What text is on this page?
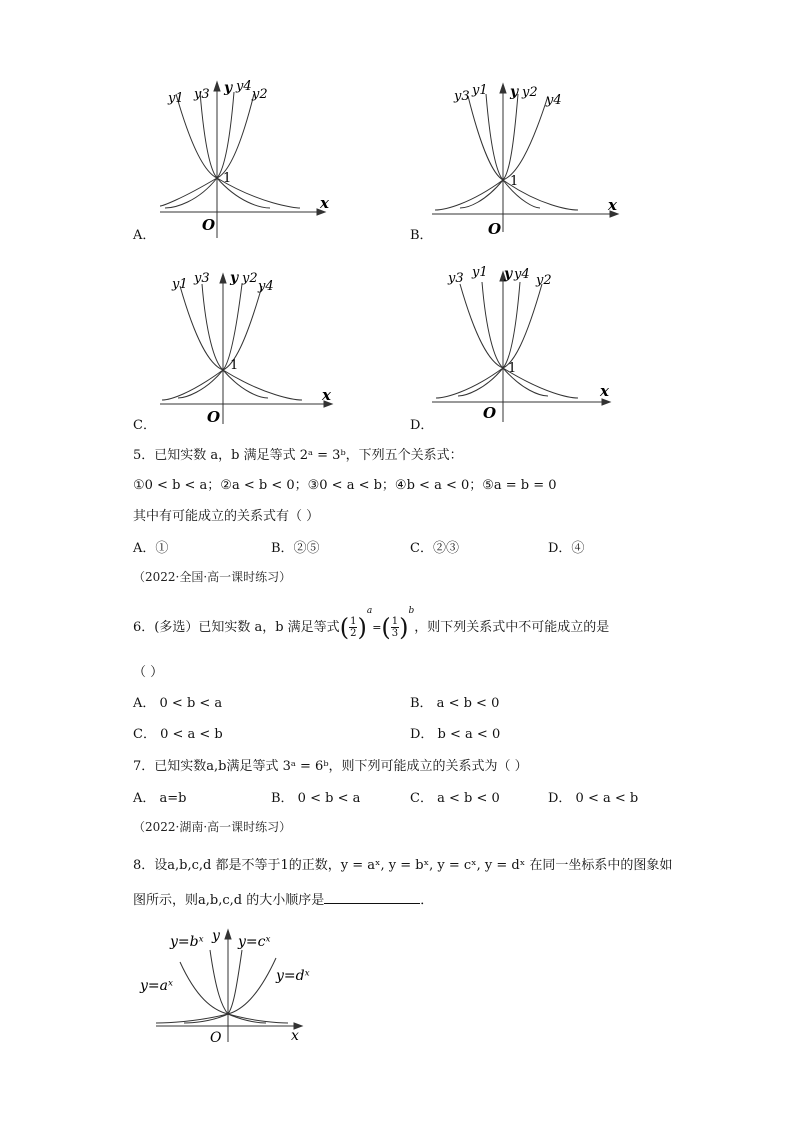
A．
y1 y3 y y4
y2
1
x
O
B．
y3 y1 y y2
y4
1
x
O
C．
y1 y3 y y2
y4
1
x
O	D．
y3 y1 y y4 y2
1
x
O
5．已知实数 a，b 满足等式 2ᵃ = 3ᵇ，下列五个关系式：
①0 < b < a；②a < b < 0；③0 < a < b；④b < a < 0；⑤a = b = 0
其中有可能成立的关系式有（ ）
A．①	B．②⑤	C．②③	D．④
（2022·全国·高一课时练习）
6．(多选）已知实数 a，b 满足等式( $\frac{1}{2})^a=( \frac{1}{3})^b$，则下列关系式中不可能成立的是
（ ）
A． 0 < b < a	B． a < b < 0
C． 0 < a < b	D． b < a < 0
7．已知实数a,b满足等式 3ᵃ = 6ᵇ，则下列可能成立的关系式为（ ）
A． a=b	B． 0 < b < a	C． a < b < 0	D． 0 < a < b
（2022·湖南·高一课时练习）
8．设a,b,c,d 都是不等于1的正数，y = aˣ, y = bˣ, y = cˣ, y = dˣ 在同一坐标系中的图象如
图所示，则a,b,c,d 的大小顺序是	．
y=bˣ y=cˣ
y=aˣ
y=dˣ
y
x
O
